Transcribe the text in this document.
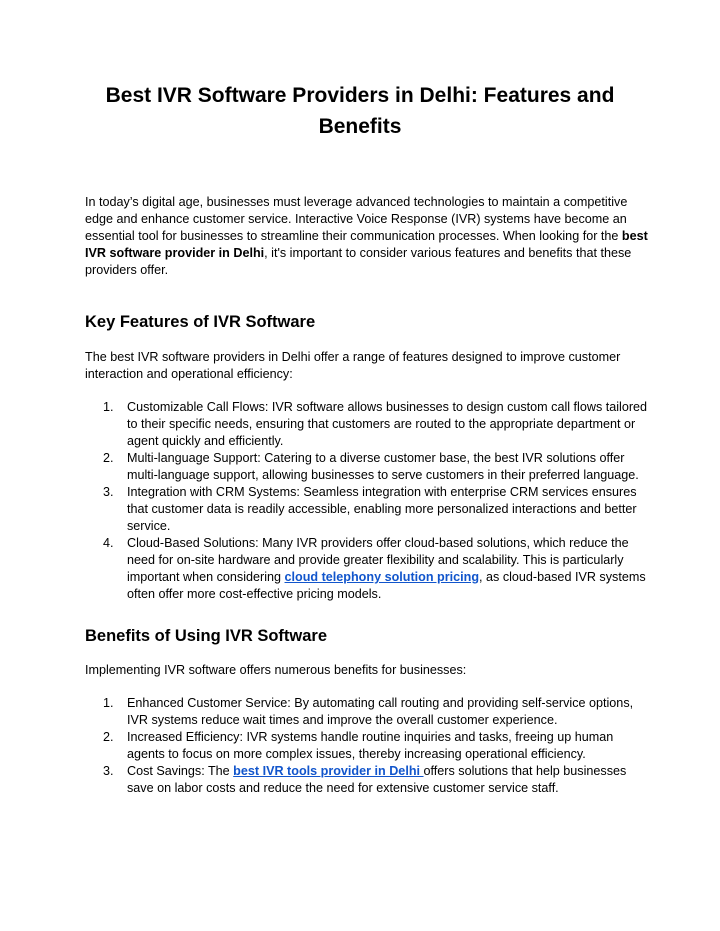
Best IVR Software Providers in Delhi: Features and Benefits

In today’s digital age, businesses must leverage advanced technologies to maintain a competitive edge and enhance customer service. Interactive Voice Response (IVR) systems have become an essential tool for businesses to streamline their communication processes. When looking for the best IVR software provider in Delhi, it's important to consider various features and benefits that these providers offer.

Key Features of IVR Software

The best IVR software providers in Delhi offer a range of features designed to improve customer interaction and operational efficiency:

1. Customizable Call Flows: IVR software allows businesses to design custom call flows tailored to their specific needs, ensuring that customers are routed to the appropriate department or agent quickly and efficiently.
2. Multi-language Support: Catering to a diverse customer base, the best IVR solutions offer multi-language support, allowing businesses to serve customers in their preferred language.
3. Integration with CRM Systems: Seamless integration with enterprise CRM services ensures that customer data is readily accessible, enabling more personalized interactions and better service.
4. Cloud-Based Solutions: Many IVR providers offer cloud-based solutions, which reduce the need for on-site hardware and provide greater flexibility and scalability. This is particularly important when considering cloud telephony solution pricing, as cloud-based IVR systems often offer more cost-effective pricing models.
Benefits of Using IVR Software

Implementing IVR software offers numerous benefits for businesses:

1. Enhanced Customer Service: By automating call routing and providing self-service options, IVR systems reduce wait times and improve the overall customer experience.
2. Increased Efficiency: IVR systems handle routine inquiries and tasks, freeing up human agents to focus on more complex issues, thereby increasing operational efficiency.
3. Cost Savings: The best IVR tools provider in Delhi offers solutions that help businesses save on labor costs and reduce the need for extensive customer service staff.
